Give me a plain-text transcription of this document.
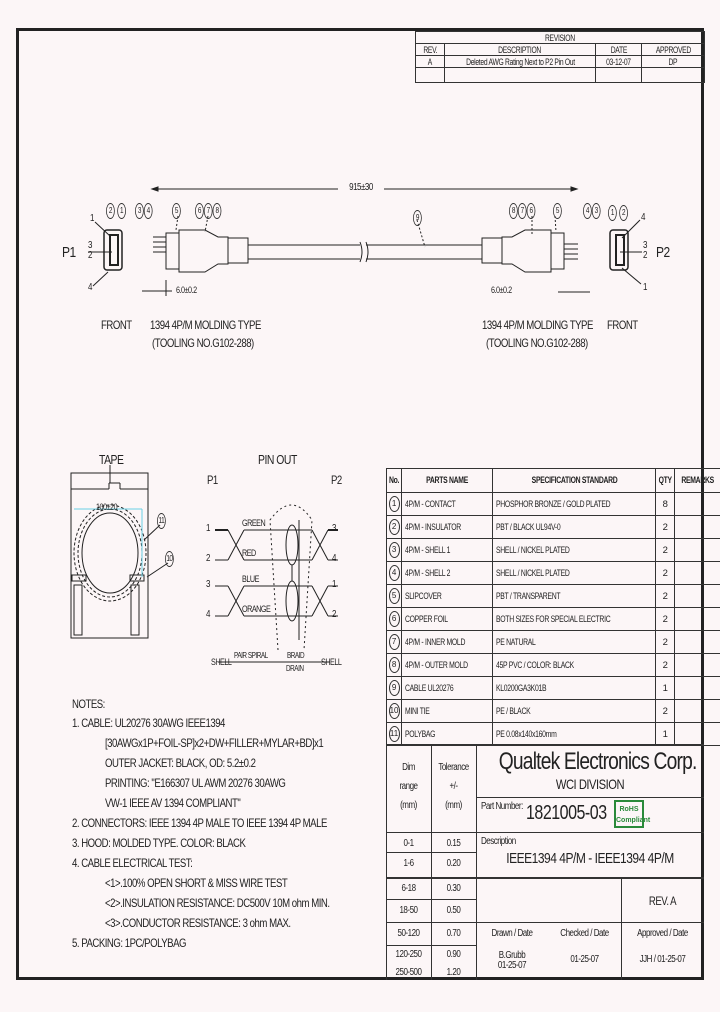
REVISION			
REV.	DESCRIPTION	DATE	APPROVED
A	Deleted AWG Rating Next to P2 Pin Out	03-12-07	DP

915±30
P1	P2
1
3
2
4
4
3
2
1
2 1	3 4	5	6 7 8
9
8 7 6	5	4 3	1 2
6.0±0.2	6.0±0.2
FRONT	FRONT
1394 4P/M MOLDING TYPE
(TOOLING NO.G102-288)
1394 4P/M MOLDING TYPE
(TOOLING NO.G102-288)
TAPE
100±20
11
10
PIN OUT
P1	P2
1
2
3
4
GREEN
RED
BLUE
ORANGE
3
4
1
2
SHELL	SHELL
PAIR SPIRAL BRAID
DRAIN
NOTES:
1. CABLE: UL20276 30AWG IEEE1394
[30AWGx1P+FOIL-SP]x2+DW+FILLER+MYLAR+BD]x1
OUTER JACKET: BLACK, OD: 5.2±0.2
PRINTING: "E166307 UL AWM 20276 30AWG
VW-1 IEEE AV 1394 COMPLIANT"
2. CONNECTORS: IEEE 1394 4P MALE TO IEEE 1394 4P MALE
3. HOOD: MOLDED TYPE. COLOR: BLACK
4. CABLE ELECTRICAL TEST:
<1>.100% OPEN SHORT & MISS WIRE TEST
<2>.INSULATION RESISTANCE: DC500V 10M ohm MIN.
<3>.CONDUCTOR RESISTANCE: 3 ohm MAX.
5. PACKING: 1PC/POLYBAG
No.	PARTS NAME	SPECIFICATION STANDARD	QTY	REMARKS
1	4P/M - CONTACT	PHOSPHOR BRONZE / GOLD PLATED	8	
2	4P/M - INSULATOR	PBT / BLACK UL94V-0	2	
3	4P/M - SHELL 1	SHELL / NICKEL PLATED	2	
4	4P/M - SHELL 2	SHELL / NICKEL PLATED	2	
5	SLIPCOVER	PBT / TRANSPARENT	2	
6	COPPER FOIL	BOTH SIZES FOR SPECIAL ELECTRIC	2	
7	4P/M - INNER MOLD	PE NATURAL	2	
8	4P/M - OUTER MOLD	45P PVC / COLOR: BLACK	2	
9	CABLE UL20276	KL0200GA3K01B	1	
10	MINI TIE	PE / BLACK	2	
11	POLYBAG	PE 0.08x140x160mm	1	
Dim
range
(mm)
Tolerance
+/-
(mm)
0-1	0.15
1-6	0.20
6-18	0.30
18-50	0.50
50-120	0.70
120-250	0.90
250-500	1.20
Qualtek Electronics Corp.
WCI DIVISION
Part Number: 1821005-03	RoHS
Compliant
Description
IEEE1394 4P/M - IEEE1394 4P/M
REV. A
Drawn / Date	Checked / Date	Approved / Date
B.Grubb
01-25-07
01-25-07	JJH / 01-25-07
